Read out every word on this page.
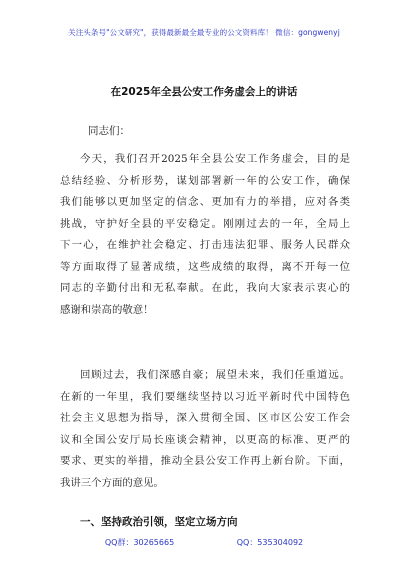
关注头条号"公文研究"，获得最新最全最专业的公文资料库！ 微信：gongwenyj
在2025年全县公安工作务虚会上的讲话
同志们：
今天，我们召开2025年全县公安工作务虚会，目的是
总结经验、分析形势，谋划部署新一年的公安工作，确保
我们能够以更加坚定的信念、更加有力的举措，应对各类
挑战，守护好全县的平安稳定。刚刚过去的一年，全局上
下一心，在维护社会稳定、打击违法犯罪、服务人民群众
等方面取得了显著成绩，这些成绩的取得，离不开每一位
同志的辛勤付出和无私奉献。在此，我向大家表示衷心的
感谢和崇高的敬意！
回顾过去，我们深感自豪；展望未来，我们任重道远。
在新的一年里，我们要继续坚持以习近平新时代中国特色
社会主义思想为指导，深入贯彻全国、区市区公安工作会
议和全国公安厅局长座谈会精神，以更高的标准、更严的
要求、更实的举措，推动全县公安工作再上新台阶。下面，
我讲三个方面的意见。
一、坚持政治引领，坚定立场方向
QQ群：30265665	QQ：535304092
